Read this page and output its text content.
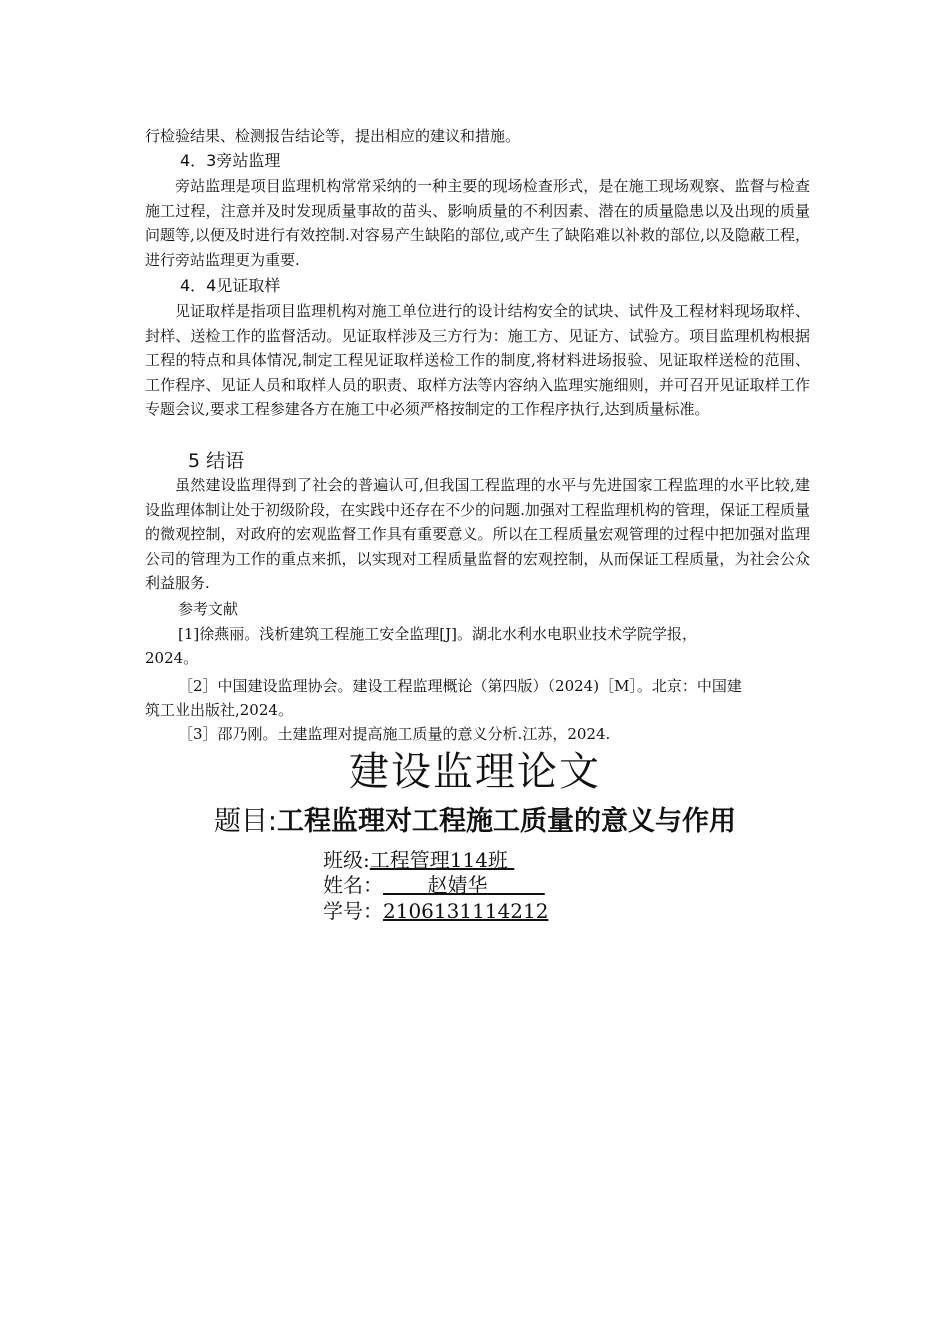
行检验结果、检测报告结论等，提出相应的建议和措施。
4．3旁站监理
旁站监理是项目监理机构常常采纳的一种主要的现场检查形式，是在施工现场观察、监督与检查施工过程，注意并及时发现质量事故的苗头、影响质量的不利因素、潜在的质量隐患以及出现的质量问题等,以便及时进行有效控制.对容易产生缺陷的部位,或产生了缺陷难以补救的部位,以及隐蔽工程，进行旁站监理更为重要.
4．4见证取样
见证取样是指项目监理机构对施工单位进行的设计结构安全的试块、试件及工程材料现场取样、封样、送检工作的监督活动。见证取样涉及三方行为：施工方、见证方、试验方。项目监理机构根据工程的特点和具体情况,制定工程见证取样送检工作的制度,将材料进场报验、见证取样送检的范围、工作程序、见证人员和取样人员的职责、取样方法等内容纳入监理实施细则，并可召开见证取样工作专题会议,要求工程参建各方在施工中必须严格按制定的工作程序执行,达到质量标准。
5 结语
虽然建设监理得到了社会的普遍认可,但我国工程监理的水平与先进国家工程监理的水平比较,建设监理体制让处于初级阶段，在实践中还存在不少的问题.加强对工程监理机构的管理，保证工程质量的微观控制，对政府的宏观监督工作具有重要意义。所以在工程质量宏观管理的过程中把加强对监理公司的管理为工作的重点来抓，以实现对工程质量监督的宏观控制，从而保证工程质量，为社会公众利益服务.
参考文献
[1]徐燕丽。浅析建筑工程施工安全监理[J]。湖北水利水电职业技术学院学报，
2024。
［2］中国建设监理协会。建设工程监理概论（第四版）（2024)［M］。北京：中国建
筑工业出版社,2024。
［3］邵乃刚。土建监理对提高施工质量的意义分析.江苏，2024.
建设监理论文
题目:工程监理对工程施工质量的意义与作用
班级:工程管理114班
姓名： 赵婧华
学号：2106131114212
